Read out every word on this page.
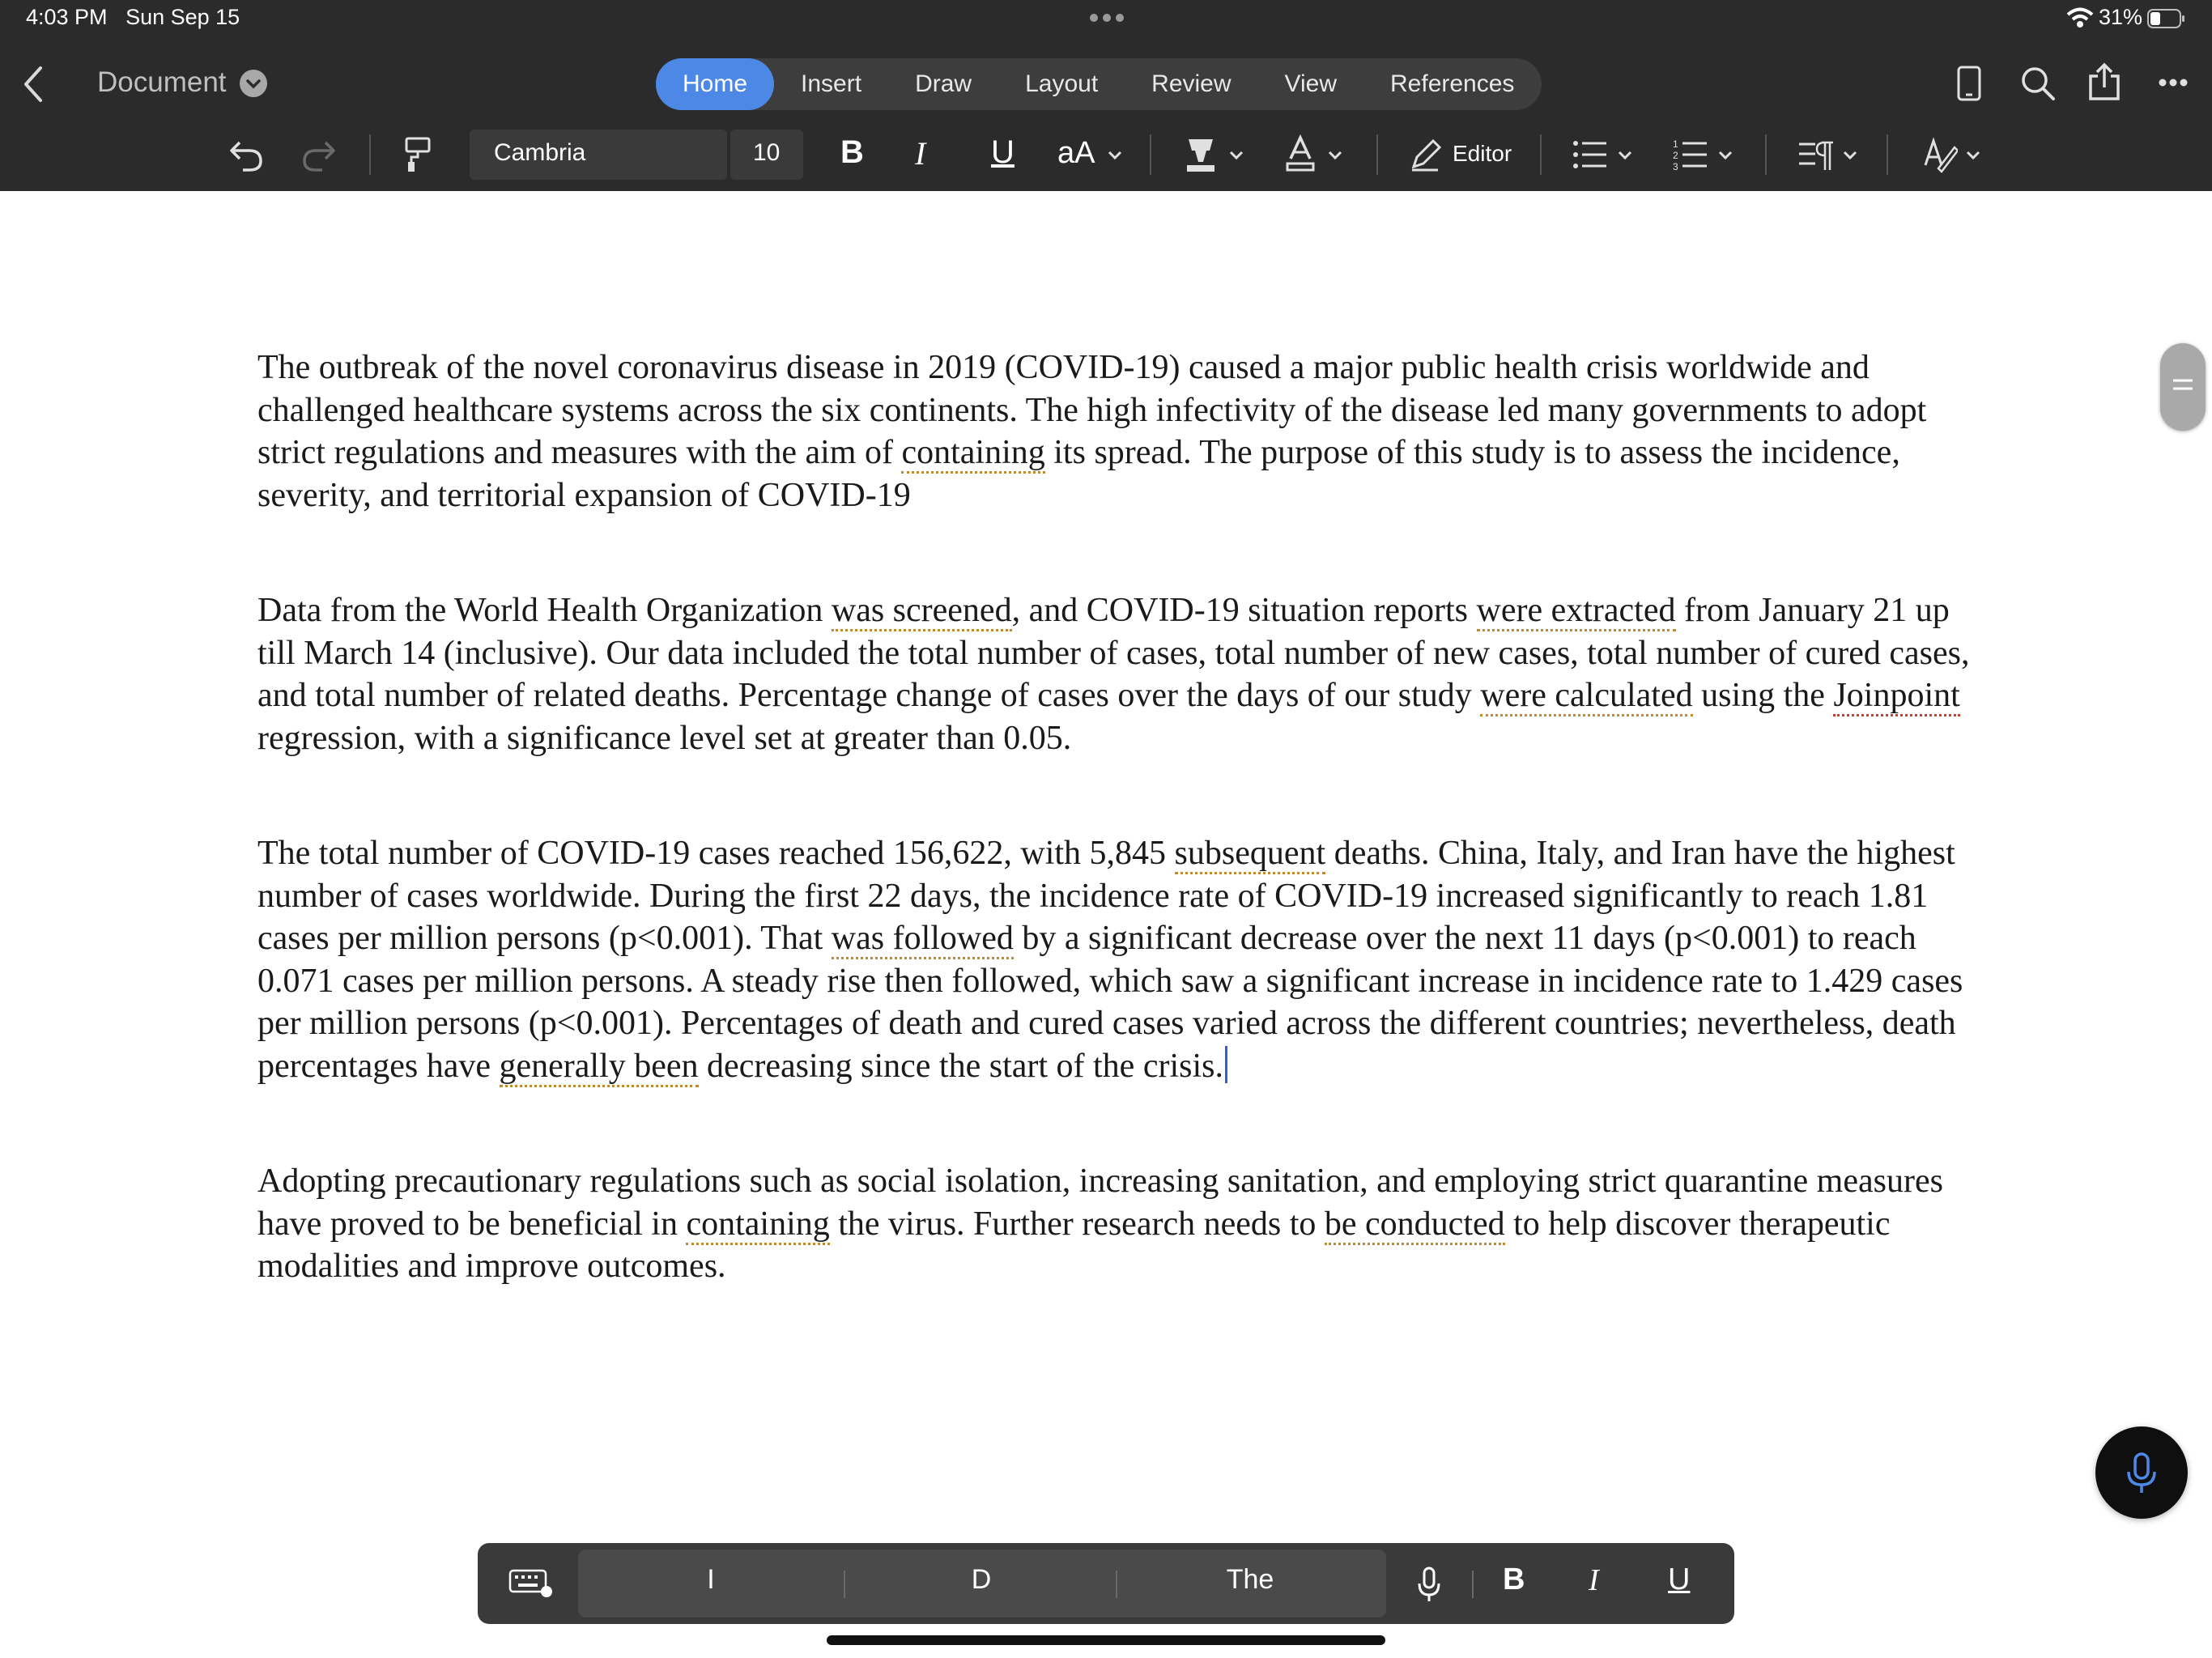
4:03 PM Sun Sep 15	31%
Document	Home	Insert	Draw	Layout	Review	View	References
Cambria	10 B I U aA	Editor	1
2
3

The outbreak of the novel coronavirus disease in 2019 (COVID-19) caused a major public health crisis worldwide and challenged healthcare systems across the six continents. The high infectivity of the disease led many governments to adopt strict regulations and measures with the aim of containing its spread. The purpose of this study is to assess the incidence, severity, and territorial expansion of COVID-19

Data from the World Health Organization was screened, and COVID-19 situation reports were extracted from January 21 up till March 14 (inclusive). Our data included the total number of cases, total number of new cases, total number of cured cases, and total number of related deaths. Percentage change of cases over the days of our study were calculated using the Joinpoint regression, with a significance level set at greater than 0.05.

The total number of COVID-19 cases reached 156,622, with 5,845 subsequent deaths. China, Italy, and Iran have the highest number of cases worldwide. During the first 22 days, the incidence rate of COVID-19 increased significantly to reach 1.81 cases per million persons (p<0.001). That was followed by a significant decrease over the next 11 days (p<0.001) to reach 0.071 cases per million persons. A steady rise then followed, which saw a significant increase in incidence rate to 1.429 cases per million persons (p<0.001). Percentages of death and cured cases varied across the different countries; nevertheless, death percentages have generally been decreasing since the start of the crisis.

Adopting precautionary regulations such as social isolation, increasing sanitation, and employing strict quarantine measures have proved to be beneficial in containing the virus. Further research needs to be conducted to help discover therapeutic modalities and improve outcomes.

I	D	The	B I U
